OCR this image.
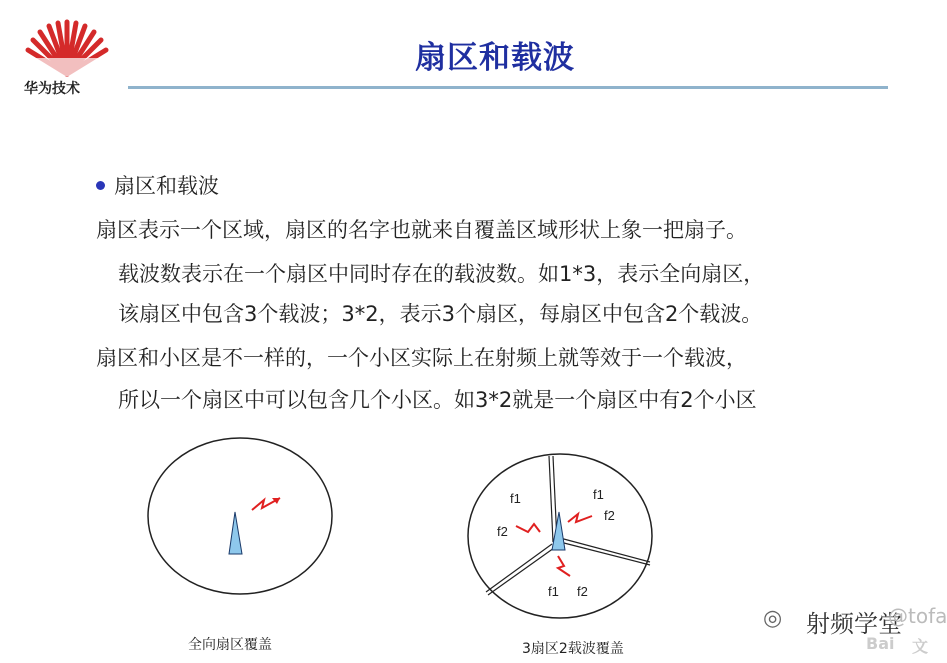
华为技术
扇区和载波
扇区和载波
扇区表示一个区域，扇区的名字也就来自覆盖区域形状上象一把扇子。
载波数表示在一个扇区中同时存在的载波数。如1*3，表示全向扇区，
该扇区中包含3个载波；3*2，表示3个扇区，每扇区中包含2个载波。
扇区和小区是不一样的，一个小区实际上在射频上就等效于一个载波，
所以一个扇区中可以包含几个小区。如3*2就是一个扇区中有2个小区
全向扇区覆盖
f1
f2
f1
f2
f1 f2
3扇区2载波覆盖
◎ 射频学堂
@tofa
Bai 文
